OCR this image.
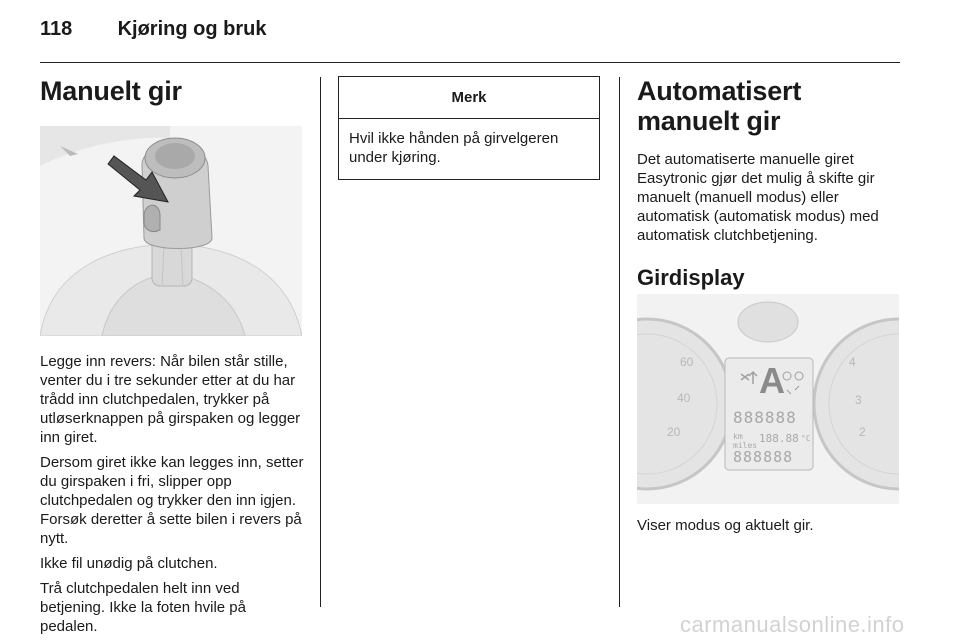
118 Kjøring og bruk
Manuelt gir

Legge inn revers: Når bilen står stille, venter du i tre sekunder etter at du har trådd inn clutchpedalen, trykker på utløserknappen på girspaken og legger inn giret.

Dersom giret ikke kan legges inn, setter du girspaken i fri, slipper opp clutchpedalen og trykker den inn igjen. Forsøk deretter å sette bilen i revers på nytt.

Ikke fil unødig på clutchen.

Trå clutchpedalen helt inn ved betjening. Ikke la foten hvile på pedalen.

Merk
Hvil ikke hånden på girvelgeren under kjøring.
Automatisert manuelt gir

Det automatiserte manuelle giret Easytronic gjør det mulig å skifte gir manuelt (manuell modus) eller automatisk (automatisk modus) med automatisk clutchbetjening.

Girdisplay
60
40
20
4
3
2
A
888888
km
miles
188.88 °C
888888

Viser modus og aktuelt gir.

carmanualsonline.info
